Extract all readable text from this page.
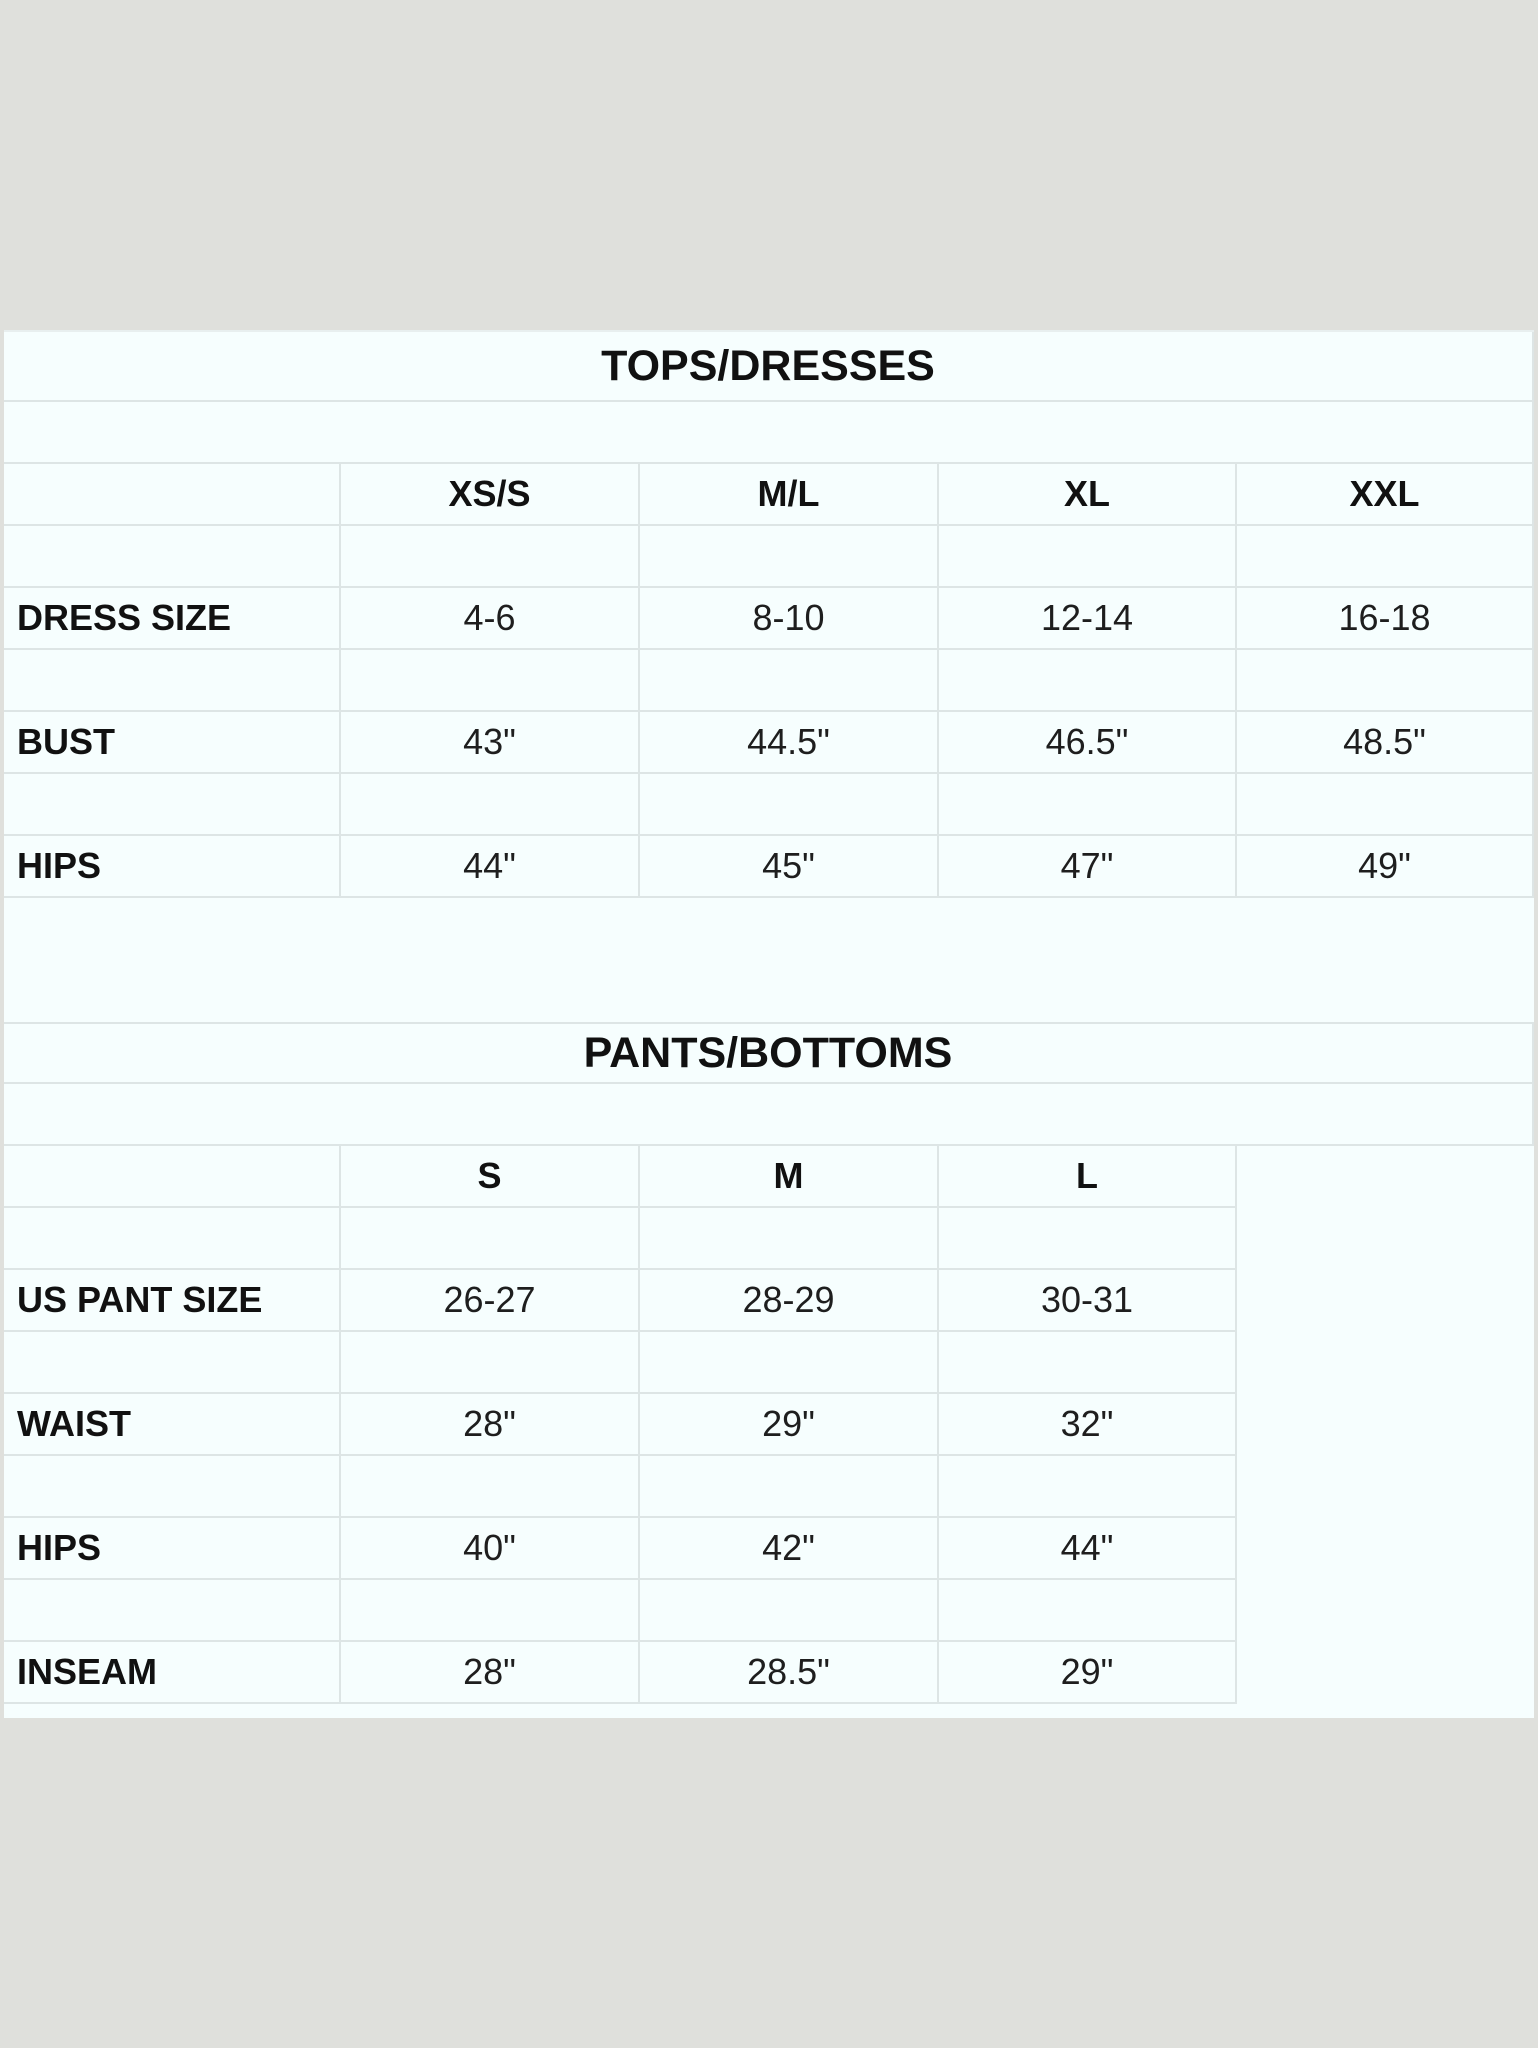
TOPS/DRESSES
XS/S	M/L	XL	XXL
DRESS SIZE	4-6	8-10	12-14	16-18
BUST	43"	44.5"	46.5"	48.5"
HIPS	44"	45"	47"	49"
PANTS/BOTTOMS
S	M	L
US PANT SIZE	26-27	28-29	30-31
WAIST	28"	29"	32"
HIPS	40"	42"	44"
INSEAM	28"	28.5"	29"
